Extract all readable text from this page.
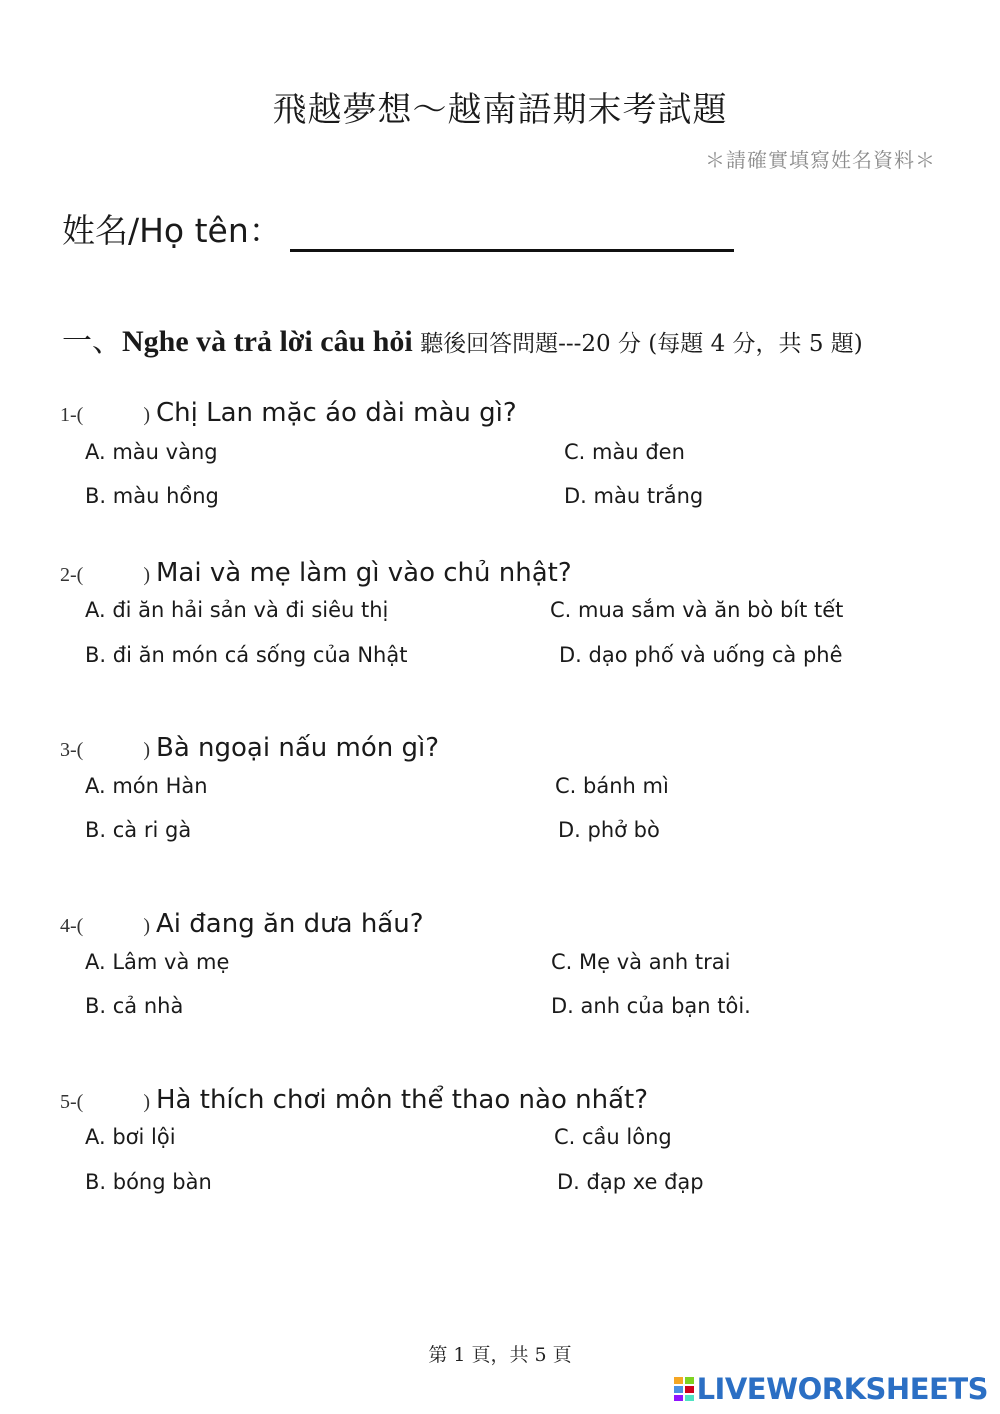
飛越夢想～越南語期末考試題
＊請確實填寫姓名資料＊
姓名/Họ tên：
一、Nghe và trả lời câu hỏi 聽後回答問題---20 分 (每題 4 分，共 5 題)
1-(	) Chị Lan mặc áo dài màu gì?
A. màu vàng
B. màu hồng
C. màu đen
D. màu trắng
2-(	) Mai và mẹ làm gì vào chủ nhật?
A. đi ăn hải sản và đi siêu thị
B. đi ăn món cá sống của Nhật
C. mua sắm và ăn bò bít tết
D. dạo phố và uống cà phê
3-(	) Bà ngoại nấu món gì?
A. món Hàn
B. cà ri gà
C. bánh mì
D. phở bò
4-(	) Ai đang ăn dưa hấu?
A. Lâm và mẹ
B. cả nhà
C. Mẹ và anh trai
D. anh của bạn tôi.
5-(	) Hà thích chơi môn thể thao nào nhất?
A. bơi lội
B. bóng bàn
C. cầu lông
D. đạp xe đạp
第 1 頁，共 5 頁
LIVEWORKSHEETS
